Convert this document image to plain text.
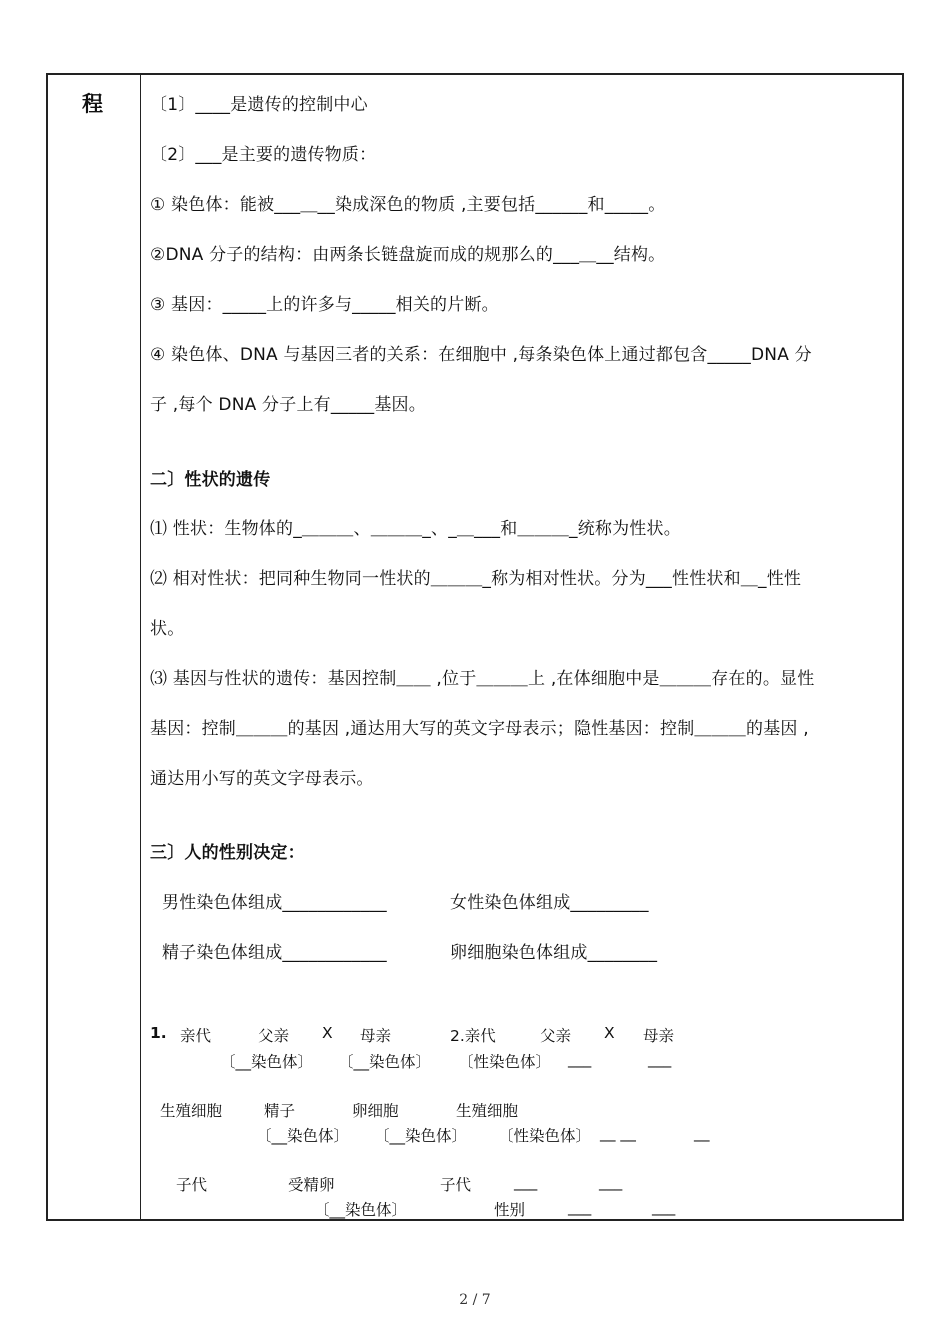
程	〔1〕____是遗传的控制中心
〔2〕___是主要的遗传物质：
① 染色体：能被___＿__染成深色的物质 ,主要包括______和_____。
②DNA 分子的结构：由两条长链盘旋而成的规那么的___＿__结构。
③ 基因：_____上的许多与_____相关的片断。
④ 染色体、DNA 与基因三者的关系：在细胞中 ,每条染色体上通过都包含_____DNA 分
子 ,每个 DNA 分子上有_____基因。
二〕性状的遗传
⑴ 性状：生物体的_＿＿＿、＿＿＿_、_＿___和＿＿＿_统称为性状。
⑵ 相对性状：把同种生物同一性状的＿＿＿_称为相对性状。分为___性性状和＿_性性
状。
⑶ 基因与性状的遗传：基因控制＿＿ ,位于＿＿＿上 ,在体细胞中是＿＿＿存在的。显性
基因：控制＿＿＿的基因 ,通达用大写的英文字母表示；隐性基因：控制＿＿＿的基因 ,
通达用小写的英文字母表示。
三〕人的性别决定：
男性染色体组成____________	女性染色体组成_________
精子染色体组成____________	卵细胞染色体组成________
1. 亲代	父亲 X 母亲	2.亲代	父亲 X 母亲
〔__染色体〕 〔__染色体〕 〔性染色体〕 ___	___
生殖细胞	精子	卵细胞	生殖细胞
〔__染色体〕 〔__染色体〕 〔性染色体〕 __ __	__
子代	受精卵	子代	___	___
〔__染色体〕	性别	___	___
2 / 7
